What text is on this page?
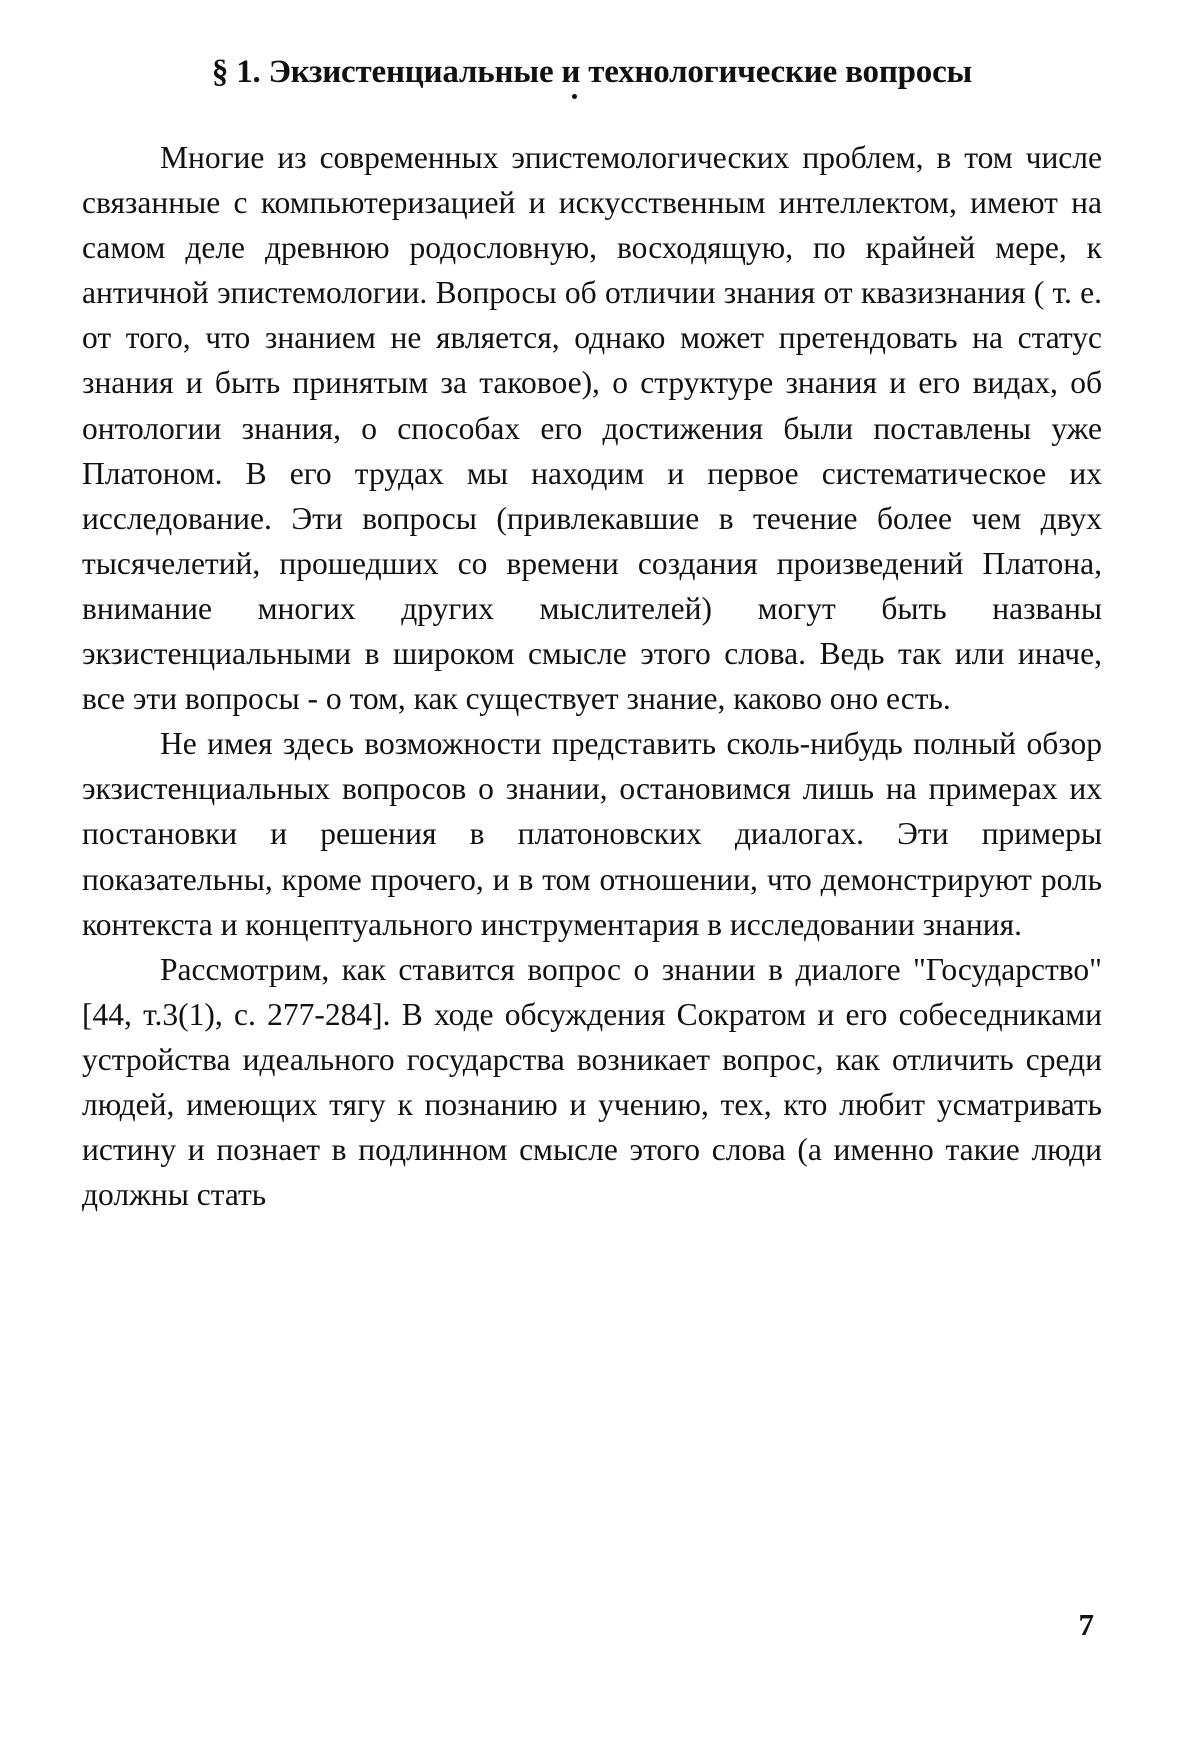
§ 1. Экзистенциальные и технологические вопросы

Многие из современных эпистемологических проблем, в том числе связанные с компьютеризацией и искусственным интеллектом, имеют на самом деле древнюю родословную, восходящую, по крайней мере, к античной эпистемологии. Вопросы об отличии знания от квазизнания ( т. е. от того, что знанием не является, однако может претендовать на статус знания и быть принятым за таковое), о структуре знания и его видах, об онтологии знания, о способах его достижения были поставлены уже Платоном. В его трудах мы находим и первое систематическое их исследование. Эти вопросы (привлекавшие в течение более чем двух тысячелетий, прошедших со времени создания произведений Платона, внимание многих других мыслителей) могут быть названы экзистенциальными в широком смысле этого слова. Ведь так или иначе, все эти вопросы - о том, как существует знание, каково оно есть.

Не имея здесь возможности представить сколь-нибудь полный обзор экзистенциальных вопросов о знании, остановимся лишь на примерах их постановки и решения в платоновских диалогах. Эти примеры показательны, кроме прочего, и в том отношении, что демонстрируют роль контекста и концептуального инструментария в исследовании знания.

Рассмотрим, как ставится вопрос о знании в диалоге "Государство" [44, т.3(1), с. 277-284]. В ходе обсуждения Сократом и его собеседниками устройства идеального государства возникает вопрос, как отличить среди людей, имеющих тягу к познанию и учению, тех, кто любит усматривать истину и познает в подлинном смысле этого слова (а именно такие люди должны стать

7
